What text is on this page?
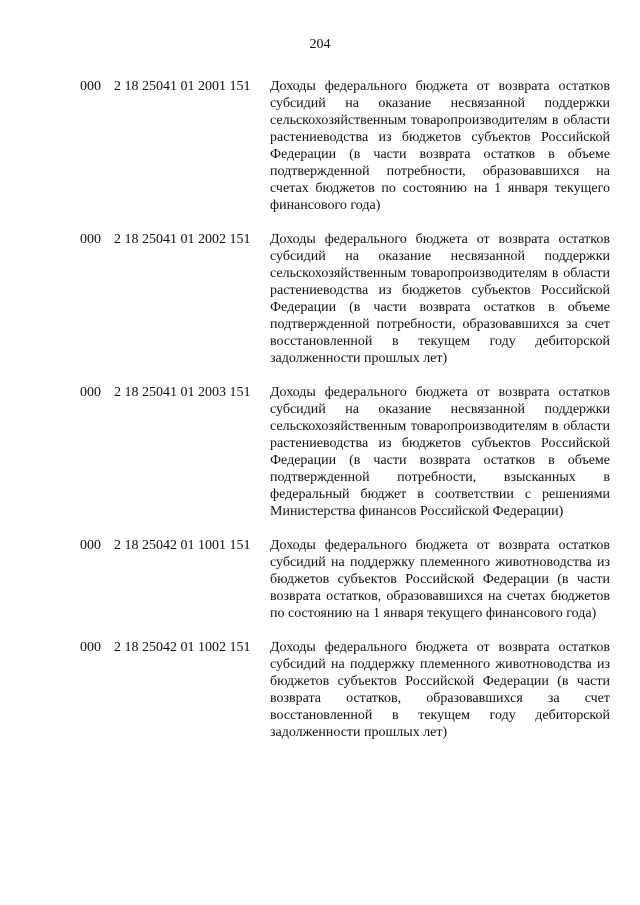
204
000 2 18 25041 01 2001 151	Доходы федерального бюджета от возврата остатков субсидий на оказание несвязанной поддержки сельскохозяйственным товаропроизводителям в области растениеводства из бюджетов субъектов Российской Федерации (в части возврата остатков в объеме подтвержденной потребности, образовавшихся на счетах бюджетов по состоянию на 1 января текущего финансового года)
000 2 18 25041 01 2002 151	Доходы федерального бюджета от возврата остатков субсидий на оказание несвязанной поддержки сельскохозяйственным товаропроизводителям в области растениеводства из бюджетов субъектов Российской Федерации (в части возврата остатков в объеме подтвержденной потребности, образовавшихся за счет восстановленной в текущем году дебиторской задолженности прошлых лет)
000 2 18 25041 01 2003 151	Доходы федерального бюджета от возврата остатков субсидий на оказание несвязанной поддержки сельскохозяйственным товаропроизводителям в области растениеводства из бюджетов субъектов Российской Федерации (в части возврата остатков в объеме подтвержденной потребности, взысканных в федеральный бюджет в соответствии с решениями Министерства финансов Российской Федерации)
000 2 18 25042 01 1001 151	Доходы федерального бюджета от возврата остатков субсидий на поддержку племенного животноводства из бюджетов субъектов Российской Федерации (в части возврата остатков, образовавшихся на счетах бюджетов по состоянию на 1 января текущего финансового года)
000 2 18 25042 01 1002 151	Доходы федерального бюджета от возврата остатков субсидий на поддержку племенного животноводства из бюджетов субъектов Российской Федерации (в части возврата остатков, образовавшихся за счет восстановленной в текущем году дебиторской задолженности прошлых лет)
